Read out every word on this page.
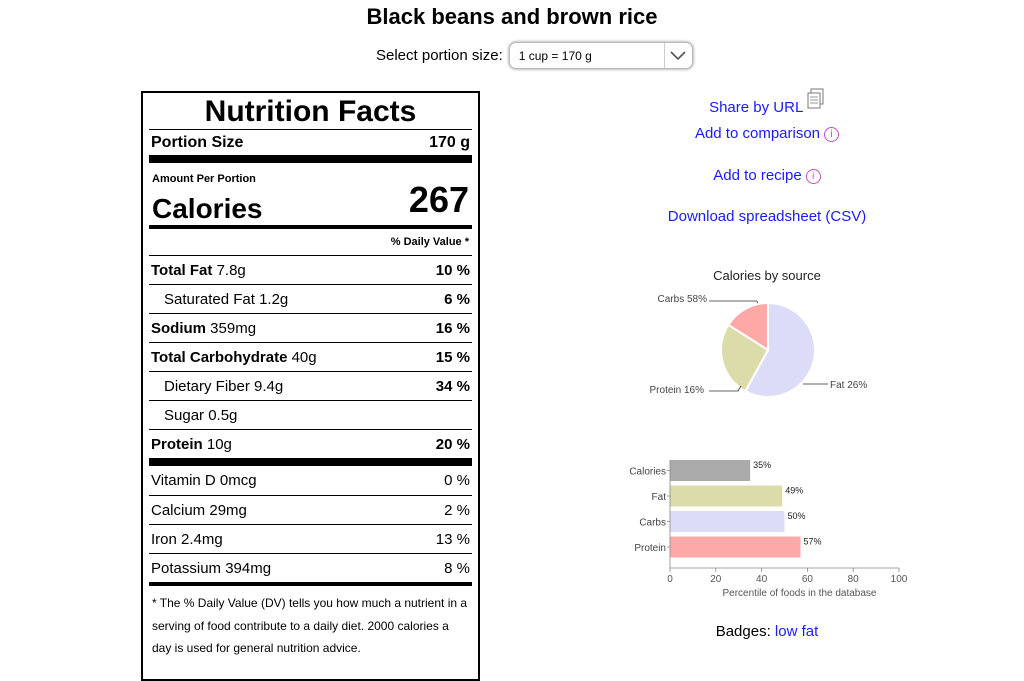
Black beans and brown rice
Select portion size:	1 cup = 170 g
Nutrition Facts
Portion Size	170 g
Amount Per Portion
Calories	267
% Daily Value *
Total Fat 7.8g	10 %
Saturated Fat 1.2g	6 %
Sodium 359mg	16 %
Total Carbohydrate 40g	15 %
Dietary Fiber 9.4g	34 %
Sugar 0.5g
Protein 10g	20 %
Vitamin D 0mcg	0 %
Calcium 29mg	2 %
Iron 2.4mg	13 %
Potassium 394mg	8 %
* The % Daily Value (DV) tells you how much a nutrient in a serving of food contribute to a daily diet. 2000 calories a day is used for general nutrition advice.
Share by URL
Add to comparison i
Add to recipe i
Download spreadsheet (CSV)
Calories by source
Carbs 58%
Fat 26%
Protein 16%
Calories
35%
Fat
49%
Carbs
50%
Protein
57%
0	20	40	60	80	100
Percentile of foods in the database
Badges: low fat
